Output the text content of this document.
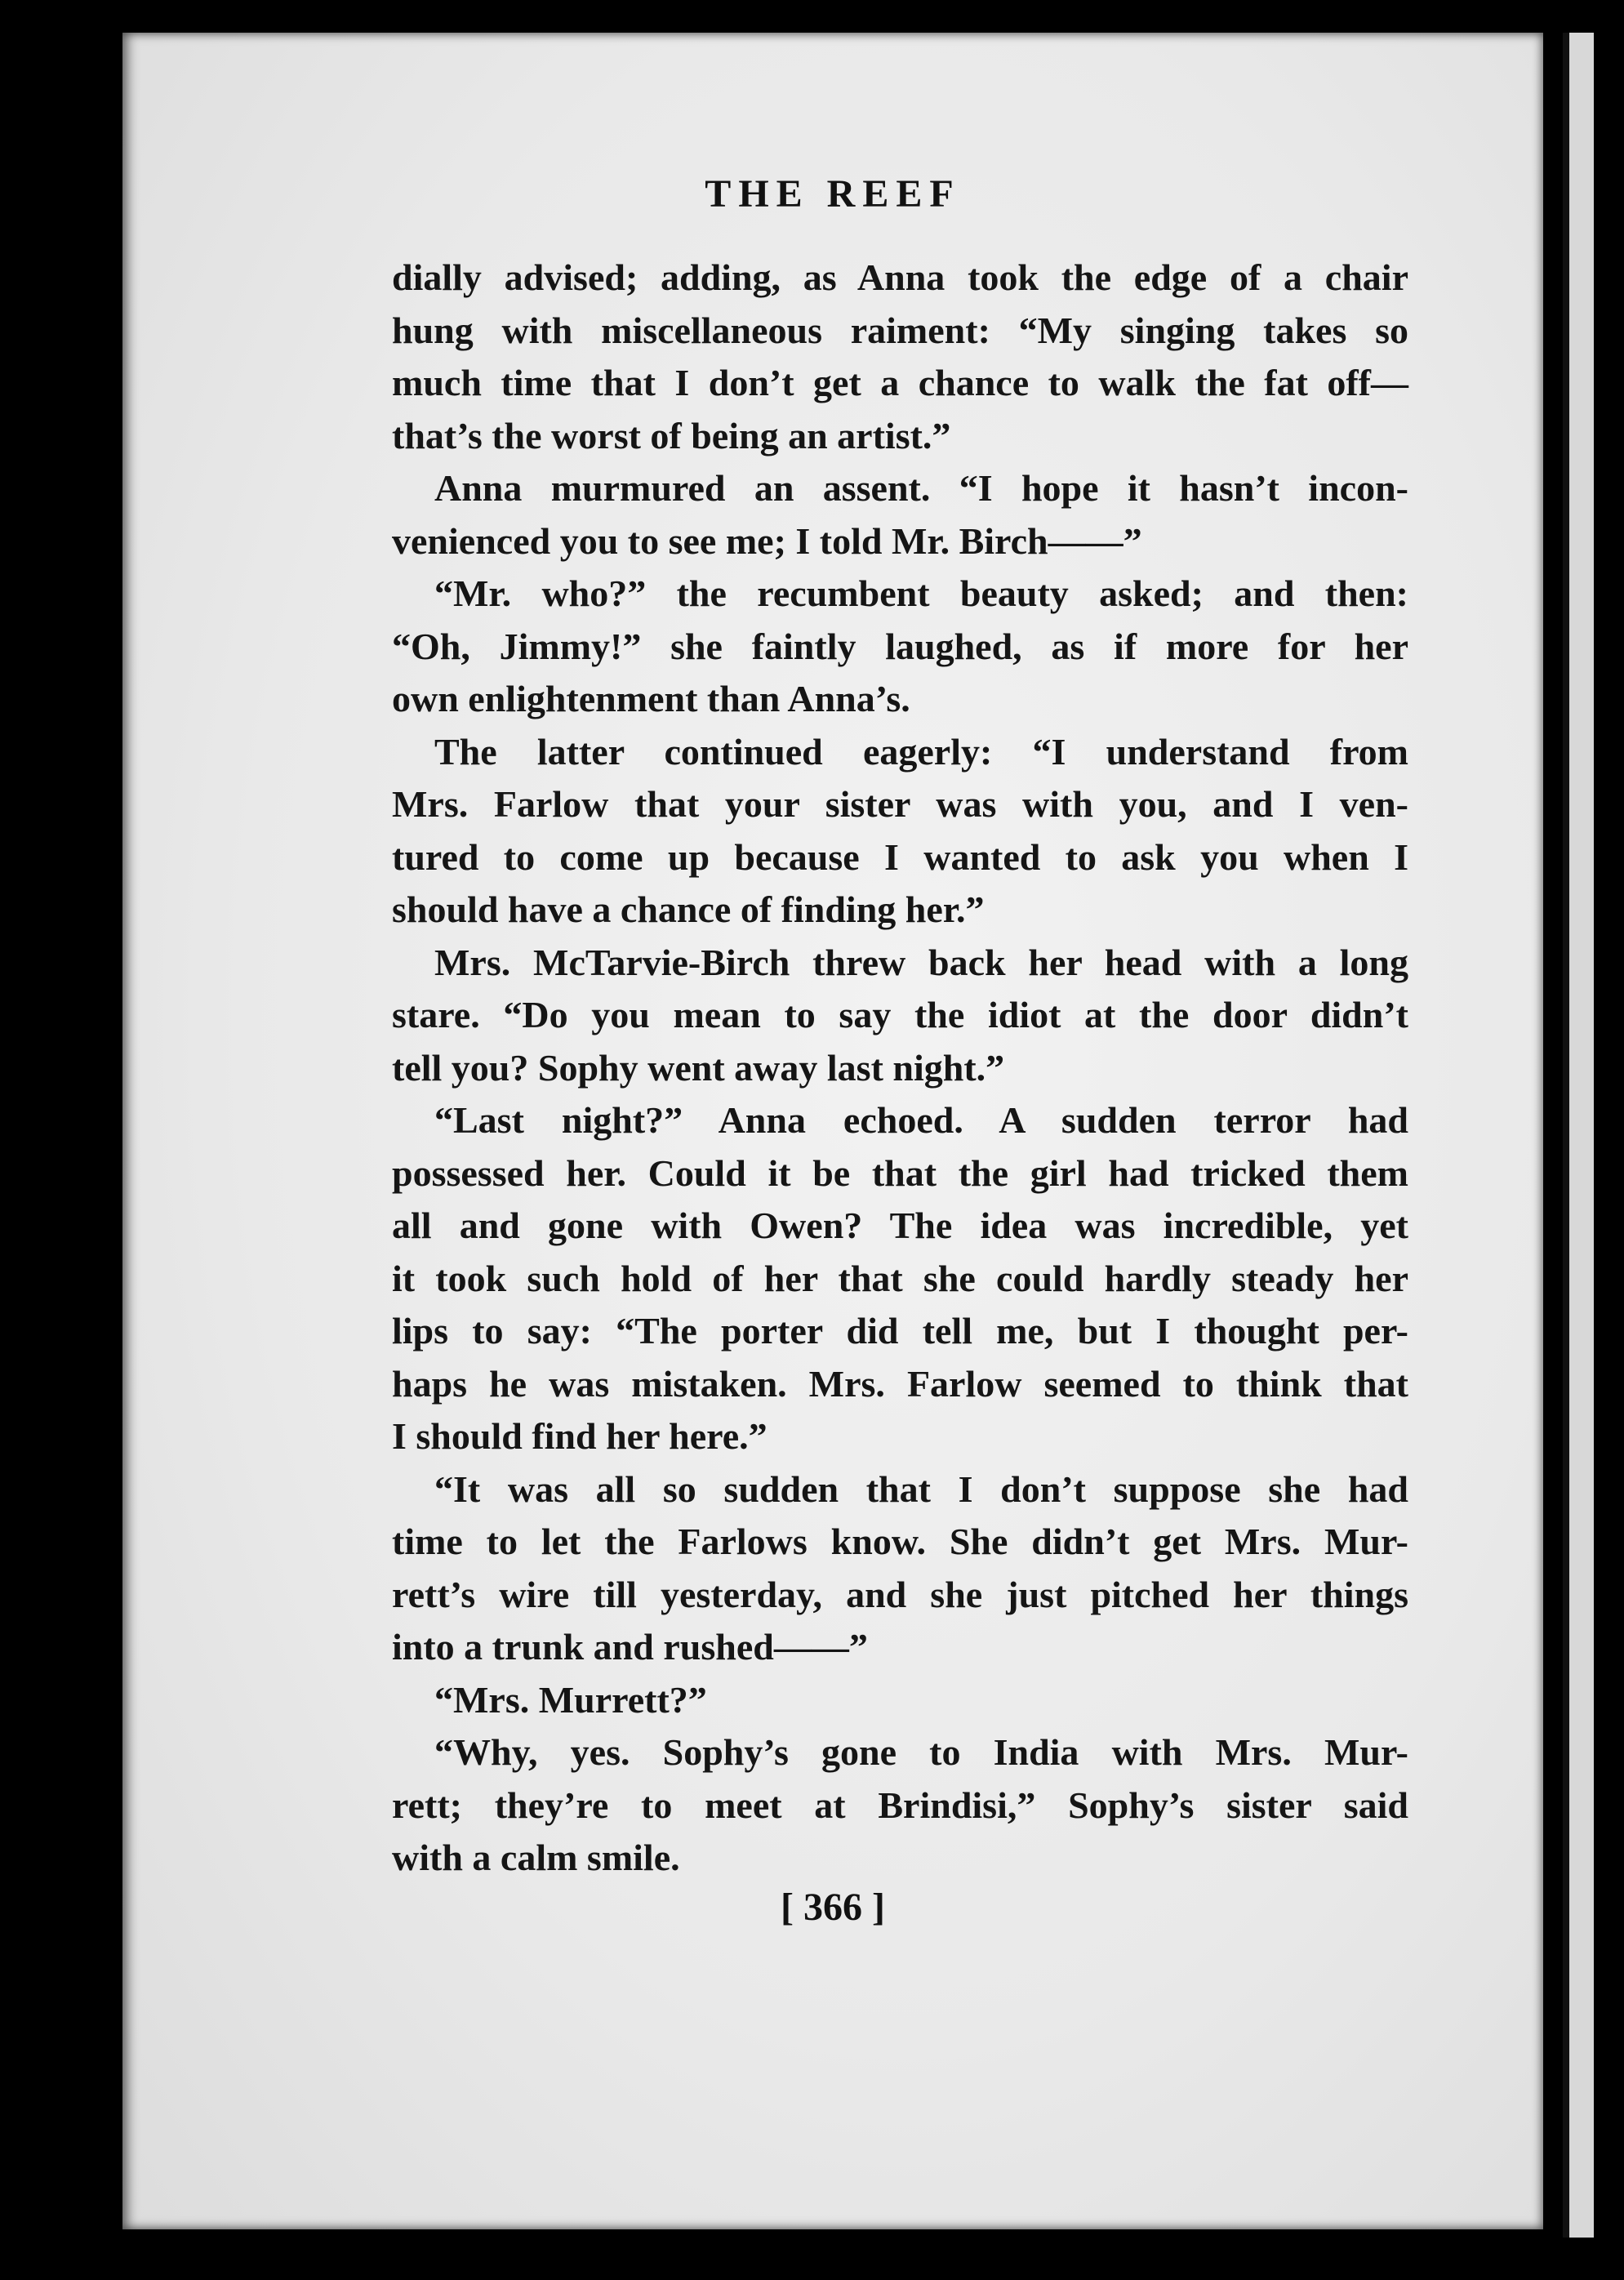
THE REEF

dially advised; adding, as Anna took the edge of a chair

hung with miscellaneous raiment: “My singing takes so

much time that I don’t get a chance to walk the fat off—

that’s the worst of being an artist.”

Anna murmured an assent. “I hope it hasn’t incon-

venienced you to see me; I told Mr. Birch——”

“Mr. who?” the recumbent beauty asked; and then:

“Oh, Jimmy!” she faintly laughed, as if more for her

own enlightenment than Anna’s.

The latter continued eagerly: “I understand from

Mrs. Farlow that your sister was with you, and I ven-

tured to come up because I wanted to ask you when I

should have a chance of finding her.”

Mrs. McTarvie-Birch threw back her head with a long

stare. “Do you mean to say the idiot at the door didn’t

tell you? Sophy went away last night.”

“Last night?” Anna echoed. A sudden terror had

possessed her. Could it be that the girl had tricked them

all and gone with Owen? The idea was incredible, yet

it took such hold of her that she could hardly steady her

lips to say: “The porter did tell me, but I thought per-

haps he was mistaken. Mrs. Farlow seemed to think that

I should find her here.”

“It was all so sudden that I don’t suppose she had

time to let the Farlows know. She didn’t get Mrs. Mur-

rett’s wire till yesterday, and she just pitched her things

into a trunk and rushed——”

“Mrs. Murrett?”

“Why, yes. Sophy’s gone to India with Mrs. Mur-

rett; they’re to meet at Brindisi,” Sophy’s sister said

with a calm smile.

[ 366 ]
